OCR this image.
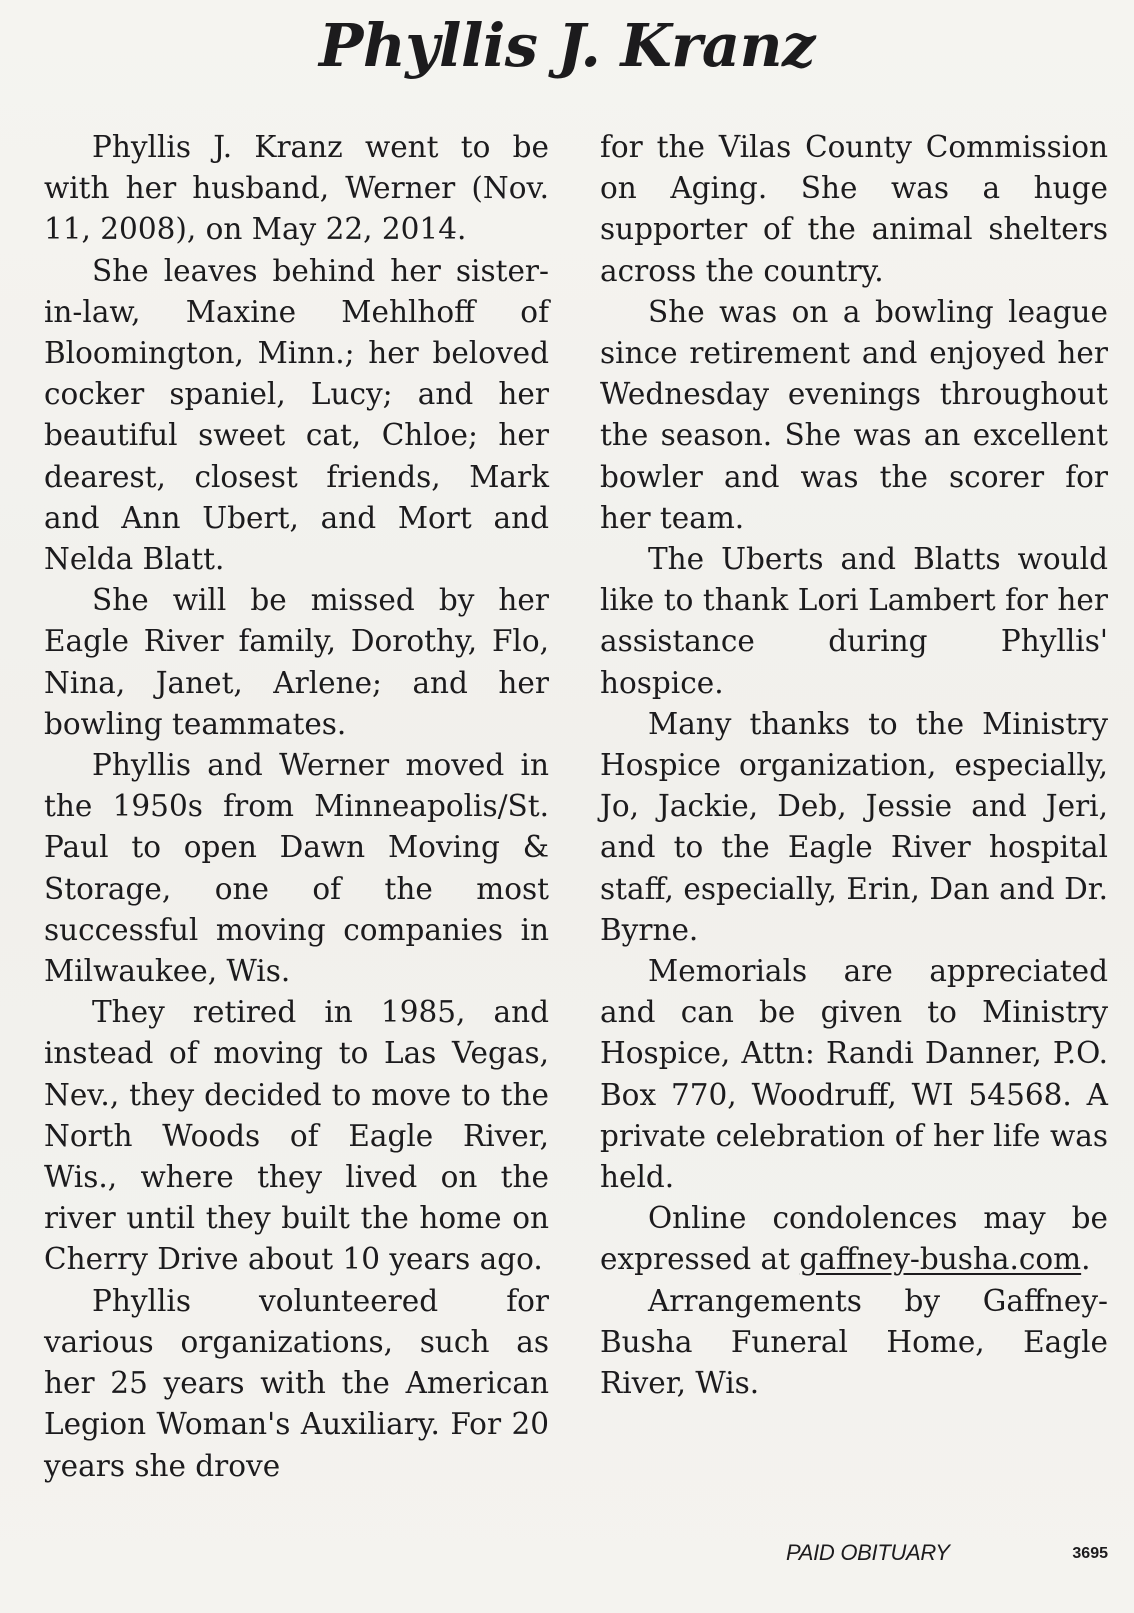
Phyllis J. Kranz

Phyllis J. Kranz went to be with her husband, Werner (Nov. 11, 2008), on May 22, 2014.

She leaves behind her sister-in-law, Maxine Mehlhoff of Bloomington, Minn.; her beloved cocker spaniel, Lucy; and her beautiful sweet cat, Chloe; her dearest, closest friends, Mark and Ann Ubert, and Mort and Nelda Blatt.

She will be missed by her Eagle River family, Dorothy, Flo, Nina, Janet, Arlene; and her bowling teammates.

Phyllis and Werner moved in the 1950s from Minneapolis/St. Paul to open Dawn Moving & Storage, one of the most successful moving companies in Milwaukee, Wis.

They retired in 1985, and instead of moving to Las Vegas, Nev., they decided to move to the North Woods of Eagle River, Wis., where they lived on the river until they built the home on Cherry Drive about 10 years ago.

Phyllis volunteered for various organizations, such as her 25 years with the American Legion Woman's Auxiliary. For 20 years she drove

for the Vilas County Commission on Aging. She was a huge supporter of the animal shelters across the country.

She was on a bowling league since retirement and enjoyed her Wednesday evenings throughout the season. She was an excellent bowler and was the scorer for her team.

The Uberts and Blatts would like to thank Lori Lambert for her assistance during Phyllis' hospice.

Many thanks to the Ministry Hospice organization, especially, Jo, Jackie, Deb, Jessie and Jeri, and to the Eagle River hospital staff, especially, Erin, Dan and Dr. Byrne.

Memorials are appreciated and can be given to Ministry Hospice, Attn: Randi Danner, P.O. Box 770, Woodruff, WI 54568. A private celebration of her life was held.

Online condolences may be expressed at gaffney-busha.com.

Arrangements by Gaffney-Busha Funeral Home, Eagle River, Wis.

PAID OBITUARY	3695
